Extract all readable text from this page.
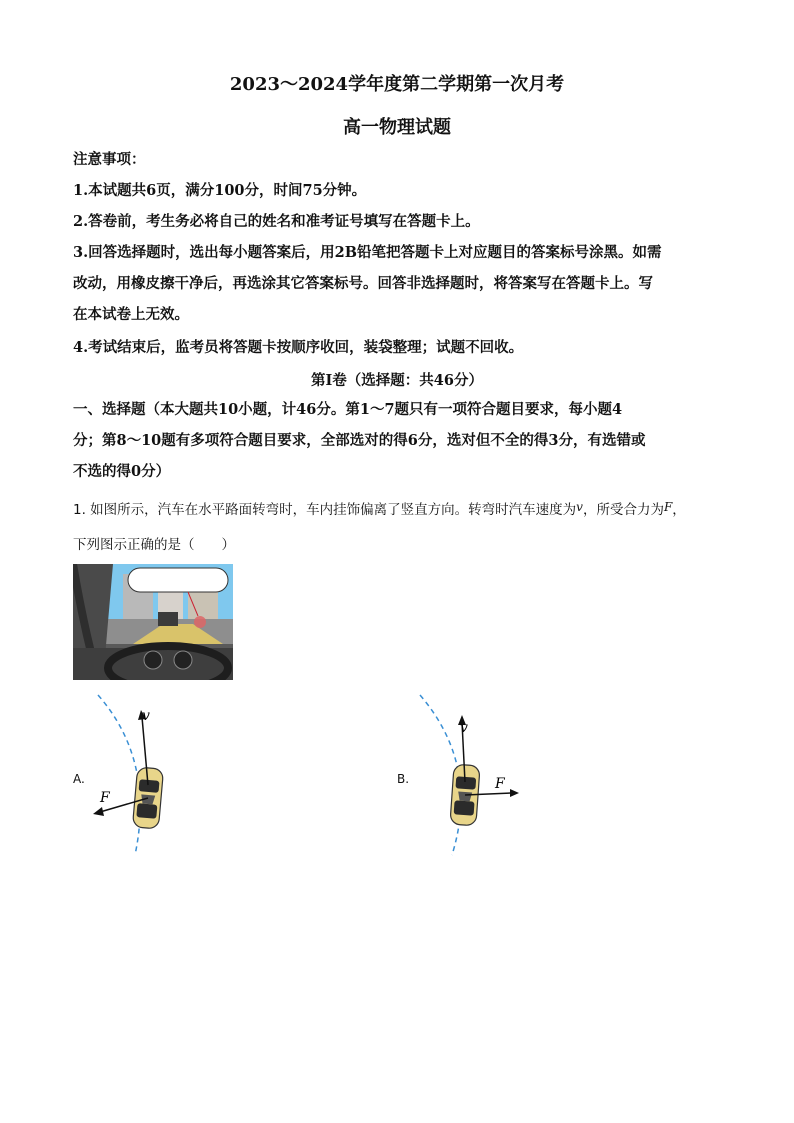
2023～2024学年度第二学期第一次月考
高一物理试题
注意事项：
1.本试题共6页，满分100分，时间75分钟。
2.答卷前，考生务必将自己的姓名和准考证号填写在答题卡上。
3.回答选择题时，选出每小题答案后，用2B铅笔把答题卡上对应题目的答案标号涂黑。如需
改动，用橡皮擦干净后，再选涂其它答案标号。回答非选择题时，将答案写在答题卡上。写
在本试卷上无效。
4.考试结束后，监考员将答题卡按顺序收回，装袋整理；试题不回收。
第Ⅰ卷（选择题：共46分）
一、选择题（本大题共10小题，计46分。第1～7题只有一项符合题目要求，每小题4
分；第8～10题有多项符合题目要求，全部选对的得6分，选对但不全的得3分，有选错或
不选的得0分）
1. 如图所示，汽车在水平路面转弯时，车内挂饰偏离了竖直方向。转弯时汽车速度为v，所受合力为F，
下列图示正确的是（　　）
A.
v
F
B.
v
F
